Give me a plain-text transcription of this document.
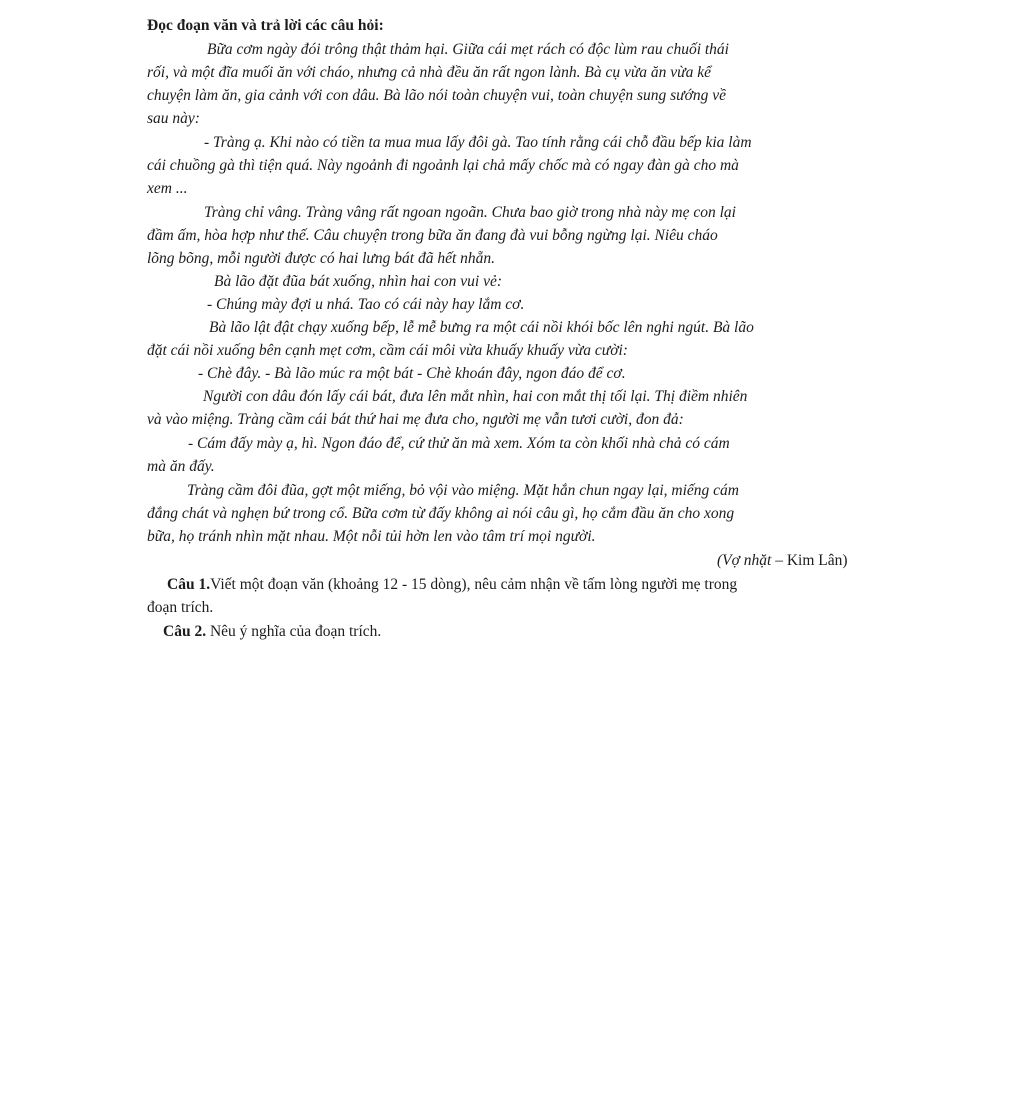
Đọc đoạn văn và trả lời các câu hỏi:
Bữa cơm ngày đói trông thật thảm hại. Giữa cái mẹt rách có độc lùm rau chuối thái
rối, và một đĩa muối ăn với cháo, nhưng cả nhà đều ăn rất ngon lành. Bà cụ vừa ăn vừa kể
chuyện làm ăn, gia cảnh với con dâu. Bà lão nói toàn chuyện vui, toàn chuyện sung sướng về
sau này:
- Tràng ạ. Khi nào có tiền ta mua mua lấy đôi gà. Tao tính rằng cái chỗ đầu bếp kia làm
cái chuồng gà thì tiện quá. Này ngoảnh đi ngoảnh lại chả mấy chốc mà có ngay đàn gà cho mà
xem ...
Tràng chỉ vâng. Tràng vâng rất ngoan ngoãn. Chưa bao giờ trong nhà này mẹ con lại
đầm ấm, hòa hợp như thế. Câu chuyện trong bữa ăn đang đà vui bỗng ngừng lại. Niêu cháo
lõng bõng, mỗi người được có hai lưng bát đã hết nhẵn.
Bà lão đặt đũa bát xuống, nhìn hai con vui vẻ:
- Chúng mày đợi u nhá. Tao có cái này hay lắm cơ.
Bà lão lật đật chạy xuống bếp, lễ mễ bưng ra một cái nồi khói bốc lên nghi ngút. Bà lão
đặt cái nồi xuống bên cạnh mẹt cơm, cầm cái môi vừa khuấy khuấy vừa cười:
- Chè đây. - Bà lão múc ra một bát - Chè khoán đây, ngon đáo để cơ.
Người con dâu đón lấy cái bát, đưa lên mắt nhìn, hai con mắt thị tối lại. Thị điềm nhiên
và vào miệng. Tràng cầm cái bát thứ hai mẹ đưa cho, người mẹ vẫn tươi cười, đon đả:
- Cám đấy mày ạ, hì. Ngon đáo để, cứ thử ăn mà xem. Xóm ta còn khối nhà chả có cám
mà ăn đấy.
Tràng cầm đôi đũa, gợt một miếng, bỏ vội vào miệng. Mặt hắn chun ngay lại, miếng cám
đắng chát và nghẹn bứ trong cổ. Bữa cơm từ đấy không ai nói câu gì, họ cắm đầu ăn cho xong
bữa, họ tránh nhìn mặt nhau. Một nỗi tủi hờn len vào tâm trí mọi người.
(Vợ nhặt – Kim Lân)
Câu 1.Viết một đoạn văn (khoảng 12 - 15 dòng), nêu cảm nhận về tấm lòng người mẹ trong
đoạn trích.
Câu 2. Nêu ý nghĩa của đoạn trích.
